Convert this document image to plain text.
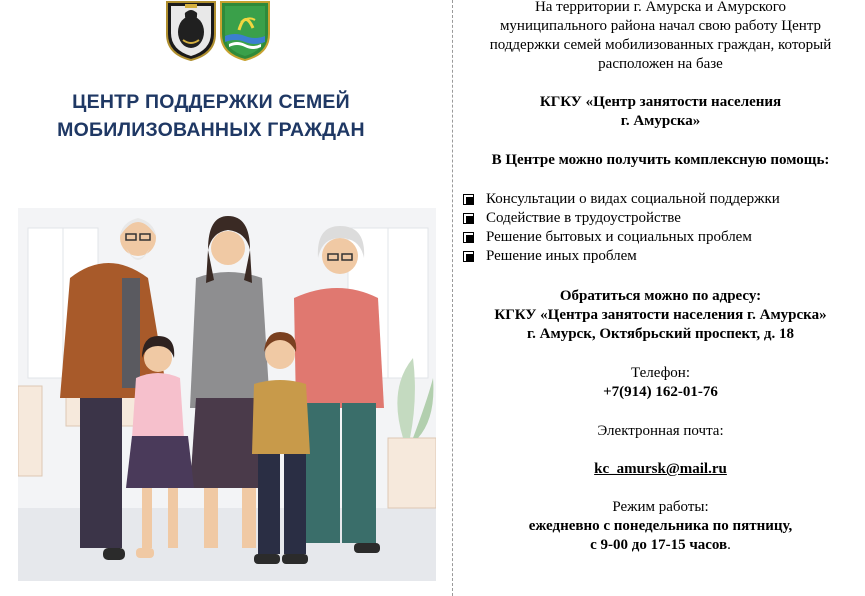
ЦЕНТР ПОДДЕРЖКИ СЕМЕЙ
МОБИЛИЗОВАННЫХ ГРАЖДАН
На территории г. Амурска и Амурского
муниципального района начал свою работу Центр
поддержки семей мобилизованных граждан, который
расположен на базе
КГКУ «Центр занятости населения
г. Амурска»
В Центре можно получить комплексную помощь:
Консультации о видах социальной поддержки
Содействие в трудоустройстве
Решение бытовых и социальных проблем
Решение иных проблем
Обратиться можно по адресу:
КГКУ «Центра занятости населения г. Амурска»
г. Амурск, Октябрьский проспект, д. 18
Телефон:
+7(914) 162-01-76
Электронная почта:
kc_amursk@mail.ru
Режим работы:
ежедневно с понедельника по пятницу,
с 9-00 до 17-15 часов.
